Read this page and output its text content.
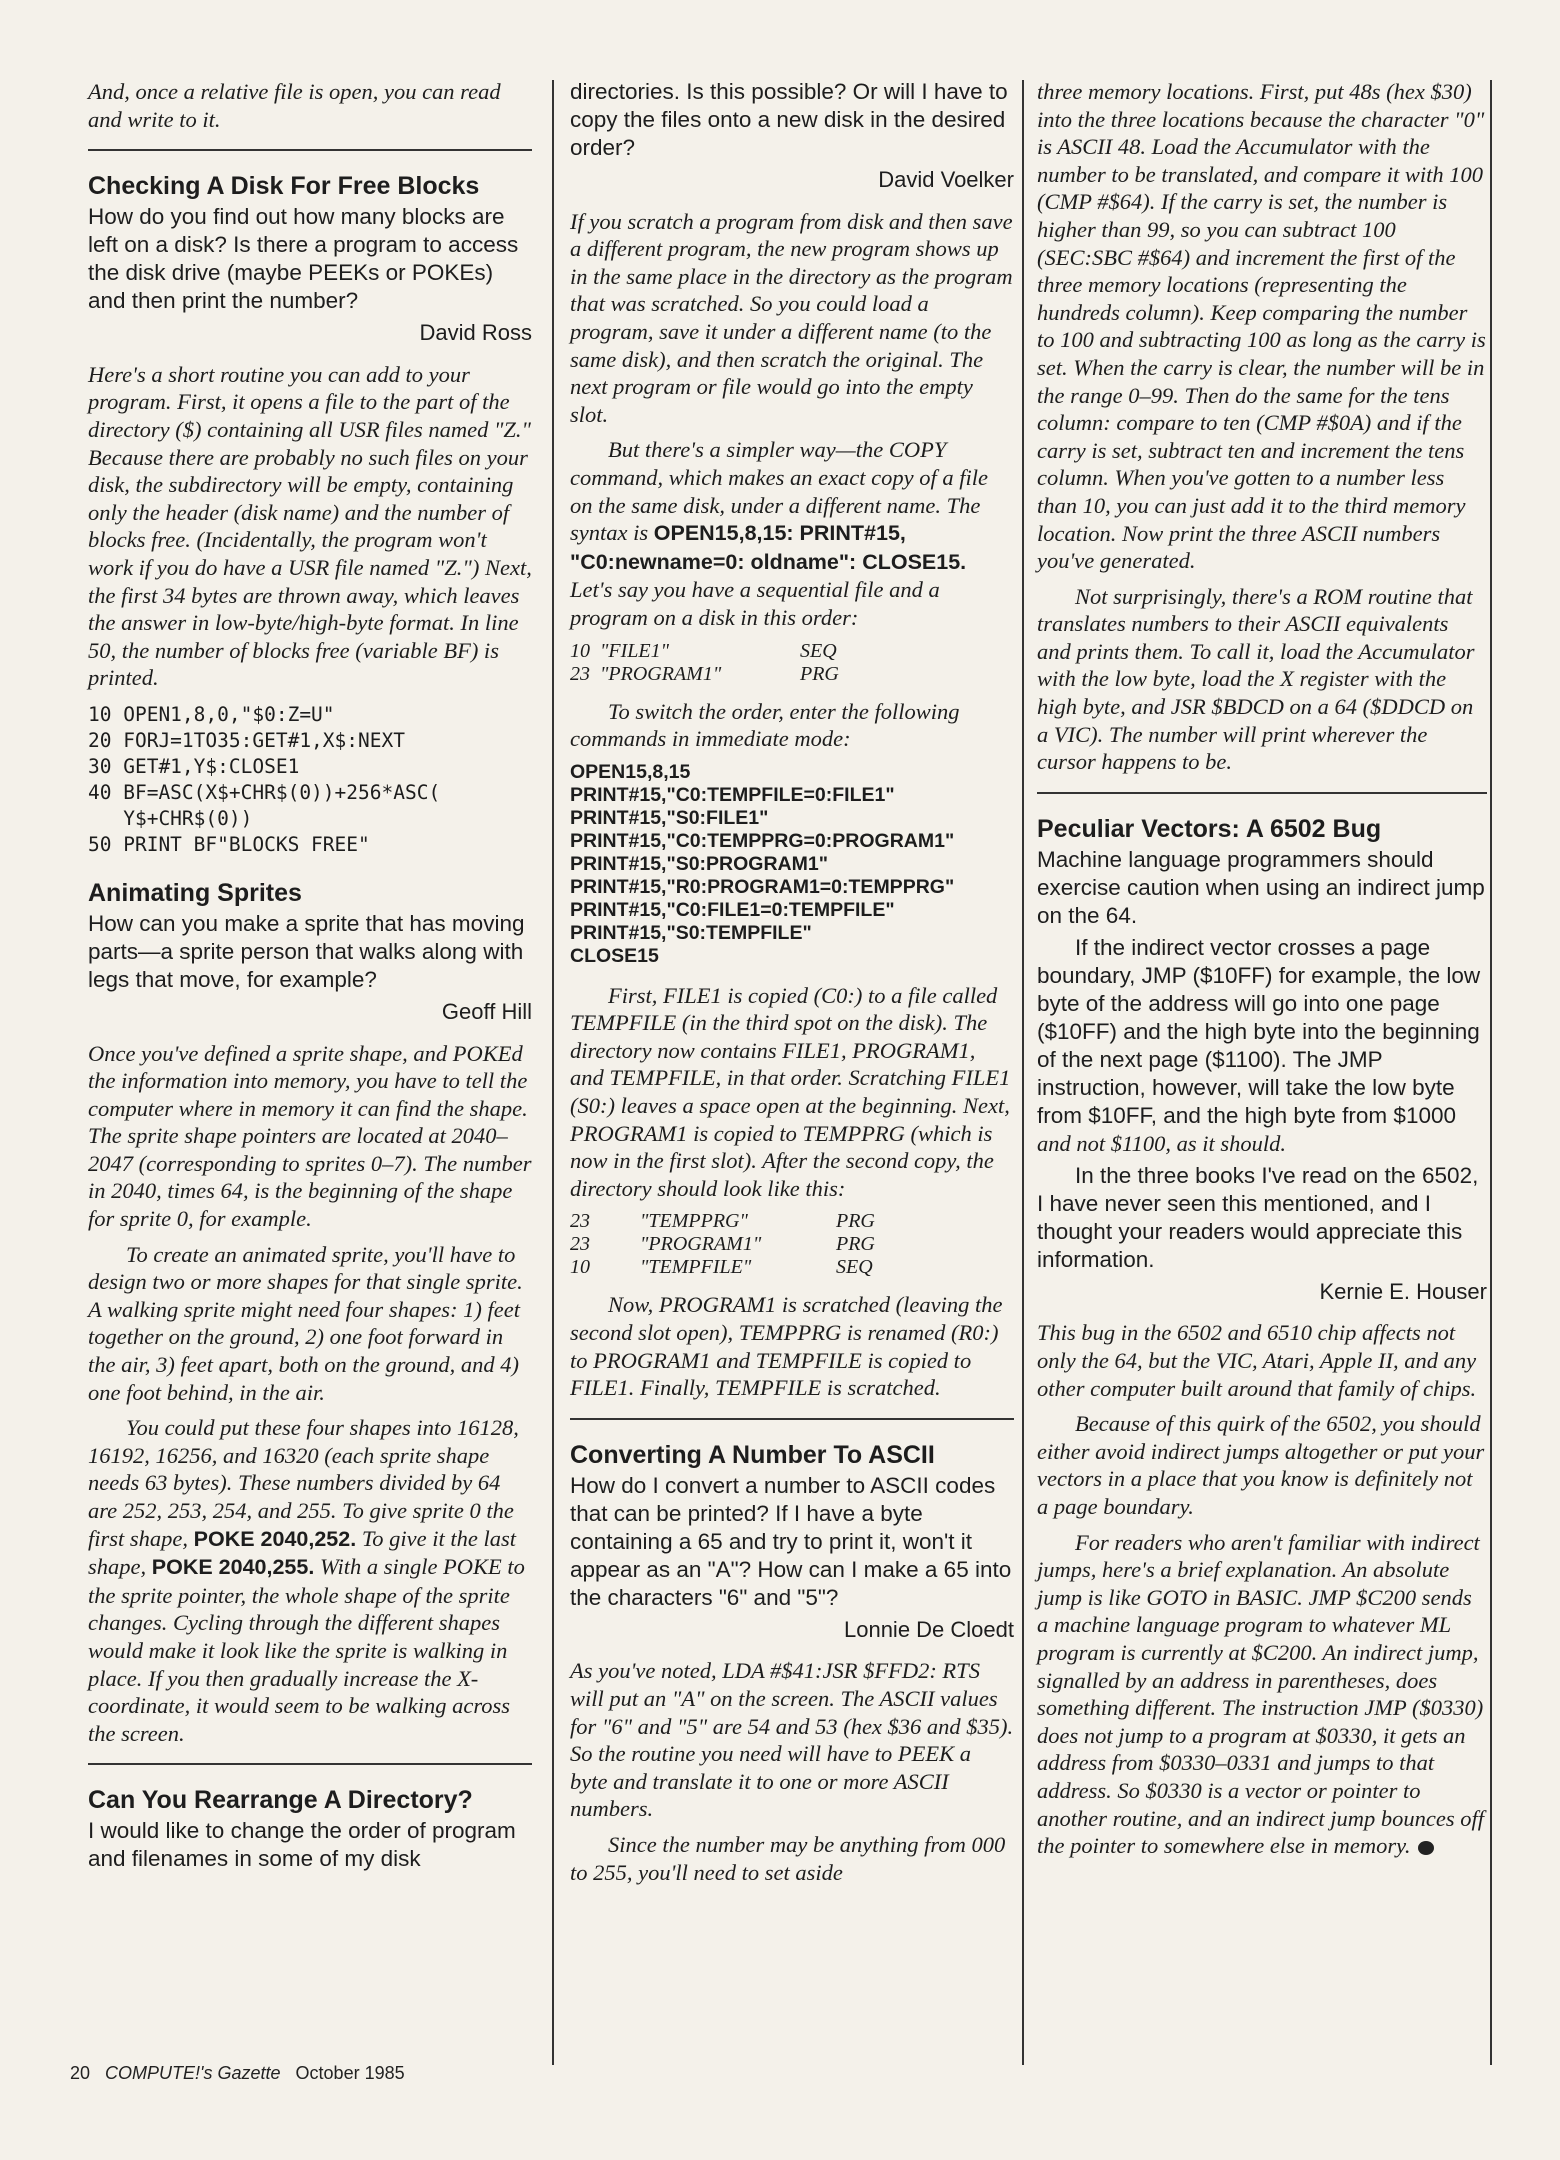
And, once a relative file is open, you can read and write to it.

Checking A Disk For Free Blocks

How do you find out how many blocks are left on a disk? Is there a program to access the disk drive (maybe PEEKs or POKEs) and then print the number?

David Ross

Here's a short routine you can add to your program. First, it opens a file to the part of the directory ($) containing all USR files named "Z." Because there are probably no such files on your disk, the subdirectory will be empty, containing only the header (disk name) and the number of blocks free. (Incidentally, the program won't work if you do have a USR file named "Z.") Next, the first 34 bytes are thrown away, which leaves the answer in low-byte/high-byte format. In line 50, the number of blocks free (variable BF) is printed.

10 OPEN1,8,0,"$0:Z=U"
20 FORJ=1TO35:GET#1,X$:NEXT
30 GET#1,Y$:CLOSE1
40 BF=ASC(X$+CHR$(0))+256*ASC(
Y$+CHR$(0))
50 PRINT BF"BLOCKS FREE"
Animating Sprites

How can you make a sprite that has moving parts—a sprite person that walks along with legs that move, for example?

Geoff Hill

Once you've defined a sprite shape, and POKEd the information into memory, you have to tell the computer where in memory it can find the shape. The sprite shape pointers are located at 2040–2047 (corresponding to sprites 0–7). The number in 2040, times 64, is the beginning of the shape for sprite 0, for example.

To create an animated sprite, you'll have to design two or more shapes for that single sprite. A walking sprite might need four shapes: 1) feet together on the ground, 2) one foot forward in the air, 3) feet apart, both on the ground, and 4) one foot behind, in the air.

You could put these four shapes into 16128, 16192, 16256, and 16320 (each sprite shape needs 63 bytes). These numbers divided by 64 are 252, 253, 254, and 255. To give sprite 0 the first shape, POKE 2040,252. To give it the last shape, POKE 2040,255. With a single POKE to the sprite pointer, the whole shape of the sprite changes. Cycling through the different shapes would make it look like the sprite is walking in place. If you then gradually increase the X-coordinate, it would seem to be walking across the screen.

Can You Rearrange A Directory?

I would like to change the order of program and filenames in some of my disk

directories. Is this possible? Or will I have to copy the files onto a new disk in the desired order?

David Voelker

If you scratch a program from disk and then save a different program, the new program shows up in the same place in the directory as the program that was scratched. So you could load a program, save it under a different name (to the same disk), and then scratch the original. The next program or file would go into the empty slot.

But there's a simpler way—the COPY command, which makes an exact copy of a file on the same disk, under a different name. The syntax is OPEN15,8,15: PRINT#15, "C0:newname=0: oldname": CLOSE15. Let's say you have a sequential file and a program on a disk in this order:

10	"FILE1"	SEQ
23	"PROGRAM1"	PRG

To switch the order, enter the following commands in immediate mode:

OPEN15,8,15
PRINT#15,"C0:TEMPFILE=0:FILE1"
PRINT#15,"S0:FILE1"
PRINT#15,"C0:TEMPPRG=0:PROGRAM1"
PRINT#15,"S0:PROGRAM1"
PRINT#15,"R0:PROGRAM1=0:TEMPPRG"
PRINT#15,"C0:FILE1=0:TEMPFILE"
PRINT#15,"S0:TEMPFILE"
CLOSE15

First, FILE1 is copied (C0:) to a file called TEMPFILE (in the third spot on the disk). The directory now contains FILE1, PROGRAM1, and TEMPFILE, in that order. Scratching FILE1 (S0:) leaves a space open at the beginning. Next, PROGRAM1 is copied to TEMPPRG (which is now in the first slot). After the second copy, the directory should look like this:

23	"TEMPPRG"	PRG
23	"PROGRAM1"	PRG
10	"TEMPFILE"	SEQ

Now, PROGRAM1 is scratched (leaving the second slot open), TEMPPRG is renamed (R0:) to PROGRAM1 and TEMPFILE is copied to FILE1. Finally, TEMPFILE is scratched.

Converting A Number To ASCII

How do I convert a number to ASCII codes that can be printed? If I have a byte containing a 65 and try to print it, won't it appear as an "A"? How can I make a 65 into the characters "6" and "5"?

Lonnie De Cloedt

As you've noted, LDA #$41:JSR $FFD2: RTS will put an "A" on the screen. The ASCII values for "6" and "5" are 54 and 53 (hex $36 and $35). So the routine you need will have to PEEK a byte and translate it to one or more ASCII numbers.

Since the number may be anything from 000 to 255, you'll need to set aside

three memory locations. First, put 48s (hex $30) into the three locations because the character "0" is ASCII 48. Load the Accumulator with the number to be translated, and compare it with 100 (CMP #$64). If the carry is set, the number is higher than 99, so you can subtract 100 (SEC:SBC #$64) and increment the first of the three memory locations (representing the hundreds column). Keep comparing the number to 100 and subtracting 100 as long as the carry is set. When the carry is clear, the number will be in the range 0–99. Then do the same for the tens column: compare to ten (CMP #$0A) and if the carry is set, subtract ten and increment the tens column. When you've gotten to a number less than 10, you can just add it to the third memory location. Now print the three ASCII numbers you've generated.

Not surprisingly, there's a ROM routine that translates numbers to their ASCII equivalents and prints them. To call it, load the Accumulator with the low byte, load the X register with the high byte, and JSR $BDCD on a 64 ($DDCD on a VIC). The number will print wherever the cursor happens to be.

Peculiar Vectors: A 6502 Bug

Machine language programmers should exercise caution when using an indirect jump on the 64.

If the indirect vector crosses a page boundary, JMP ($10FF) for example, the low byte of the address will go into one page ($10FF) and the high byte into the beginning of the next page ($1100). The JMP instruction, however, will take the low byte from $10FF, and the high byte from $1000 and not $1100, as it should.

In the three books I've read on the 6502, I have never seen this mentioned, and I thought your readers would appreciate this information.

Kernie E. Houser

This bug in the 6502 and 6510 chip affects not only the 64, but the VIC, Atari, Apple II, and any other computer built around that family of chips.

Because of this quirk of the 6502, you should either avoid indirect jumps altogether or put your vectors in a place that you know is definitely not a page boundary.

For readers who aren't familiar with indirect jumps, here's a brief explanation. An absolute jump is like GOTO in BASIC. JMP $C200 sends a machine language program to whatever ML program is currently at $C200. An indirect jump, signalled by an address in parentheses, does something different. The instruction JMP ($0330) does not jump to a program at $0330, it gets an address from $0330–0331 and jumps to that address. So $0330 is a vector or pointer to another routine, and an indirect jump bounces off the pointer to somewhere else in memory.

20 COMPUTE!'s Gazette October 1985
